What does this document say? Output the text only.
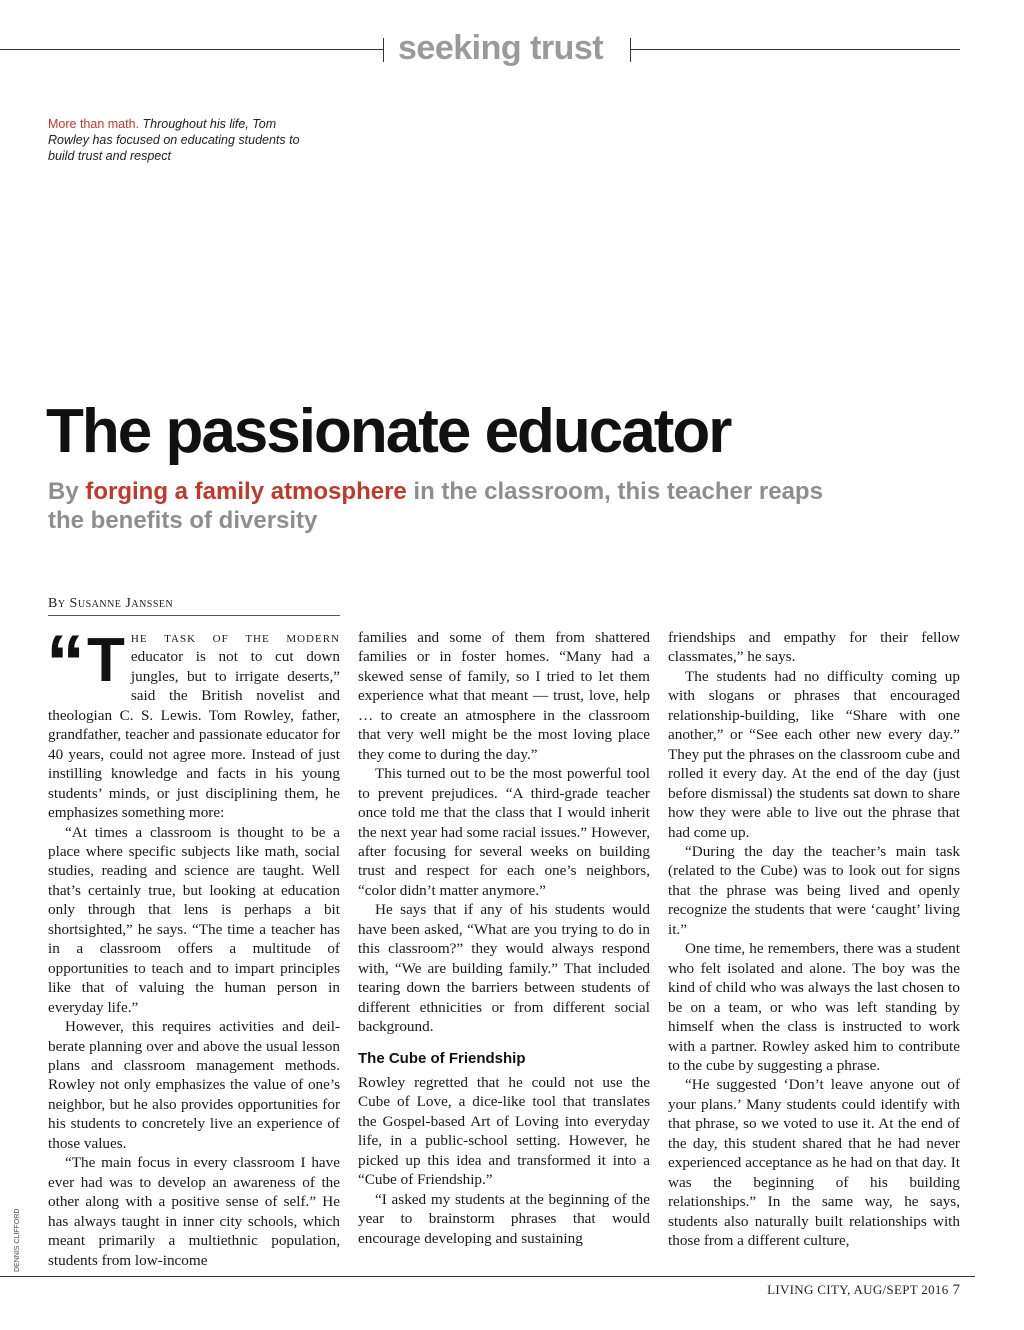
seeking trust
More than math. Throughout his life, Tom Rowley has focused on educating students to build trust and respect
The passionate educator
By forging a family atmosphere in the classroom, this teacher reaps the benefits of diversity
By Susanne Janssen

“ T he task of the modern educator is not to cut down jungles, but to irrigate deserts,” said the British novelist and theologian C. S. Lewis. Tom Rowley, father, grandfather, teacher and passionate educator for 40 years, could not agree more. Instead of just instilling knowledge and facts in his young students’ minds, or just disciplining them, he emphasizes something more:

“At times a classroom is thought to be a place where specific subjects like math, social studies, reading and science are taught. Well that’s certainly true, but looking at education only through that lens is perhaps a bit shortsighted,” he says. “The time a teacher has in a classroom offers a multitude of opportunities to teach and to impart principles like that of valuing the human person in everyday life.”

However, this requires activities and deilberate planning over and above the usual lesson plans and classroom management methods. Rowley not only emphasizes the value of one’s neighbor, but he also provides opportunities for his students to concretely live an experience of those values.

“The main focus in every classroom I have ever had was to develop an awareness of the other along with a positive sense of self.” He has always taught in inner city schools, which meant primarily a multiethnic population, students from low-income

families and some of them from shattered families or in foster homes. “Many had a skewed sense of family, so I tried to let them experience what that meant — trust, love, help … to create an atmosphere in the classroom that very well might be the most loving place they come to during the day.”

This turned out to be the most powerful tool to prevent prejudices. “A third-grade teacher once told me that the class that I would inherit the next year had some racial issues.” However, after focusing for several weeks on building trust and respect for each one’s neighbors, “color didn’t matter anymore.”

He says that if any of his students would have been asked, “What are you trying to do in this classroom?” they would always respond with, “We are building family.” That included tearing down the barriers between students of different ethnicities or from different social background.

The Cube of Friendship

Rowley regretted that he could not use the Cube of Love, a dice-like tool that translates the Gospel-based Art of Loving into everyday life, in a public-school setting. However, he picked up this idea and transformed it into a “Cube of Friendship.”

“I asked my students at the beginning of the year to brainstorm phrases that would encourage developing and sustaining

friendships and empathy for their fellow classmates,” he says.

The students had no difficulty coming up with slogans or phrases that encouraged relationship-building, like “Share with one another,” or “See each other new every day.” They put the phrases on the classroom cube and rolled it every day. At the end of the day (just before dismissal) the students sat down to share how they were able to live out the phrase that had come up.

“During the day the teacher’s main task (related to the Cube) was to look out for signs that the phrase was being lived and openly recognize the students that were ‘caught’ living it.”

One time, he remembers, there was a student who felt isolated and alone. The boy was the kind of child who was always the last chosen to be on a team, or who was left standing by himself when the class is instructed to work with a partner. Rowley asked him to contribute to the cube by suggesting a phrase.

“He suggested ‘Don’t leave anyone out of your plans.’ Many students could identify with that phrase, so we voted to use it. At the end of the day, this student shared that he had never experienced acceptance as he had on that day. It was the beginning of his building relationships.” In the same way, he says, students also naturally built relationships with those from a different culture,

DENNIS CLIFFORD
LIVING CITY, AUG/SEPT 2016 7
